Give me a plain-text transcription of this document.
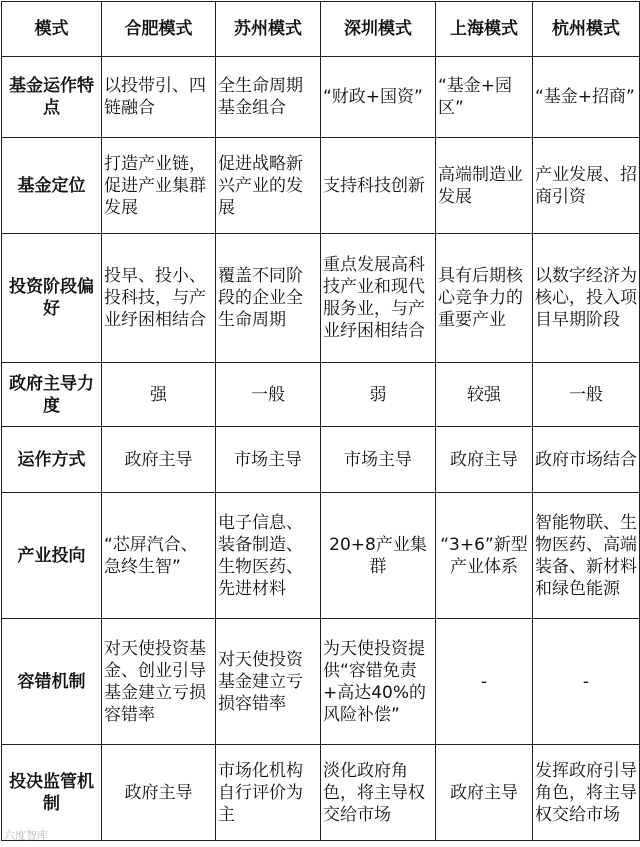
模式	合肥模式	苏州模式	深圳模式	上海模式	杭州模式
基金运作特点	以投带引、四链融合	全生命周期基金组合	“财政+国资”	“基金+园区”	“基金+招商”
基金定位	打造产业链，促进产业集群发展	促进战略新兴产业的发展	支持科技创新	高端制造业发展	产业发展、招商引资
投资阶段偏好	投早、投小、投科技，与产业纾困相结合	覆盖不同阶段的企业全生命周期	重点发展高科技产业和现代服务业，与产业纾困相结合	具有后期核心竞争力的重要产业	以数字经济为核心，投入项目早期阶段
政府主导力度	强	一般	弱	较强	一般
运作方式	政府主导	市场主导	市场主导	政府主导	政府市场结合
产业投向	“芯屏汽合、急终生智”	电子信息、装备制造、生物医药、先进材料	20+8产业集群	“3+6”新型产业体系	智能物联、生物医药、高端装备、新材料和绿色能源
容错机制	对天使投资基金、创业引导基金建立亏损容错率	对天使投资基金建立亏损容错率	为天使投资提供“容错免责+高达40%的风险补偿”	-	-
投决监管机制	政府主导	市场化机构自行评价为主	淡化政府角色，将主导权交给市场	政府主导	发挥政府引导角色，将主导权交给市场
六度智库
